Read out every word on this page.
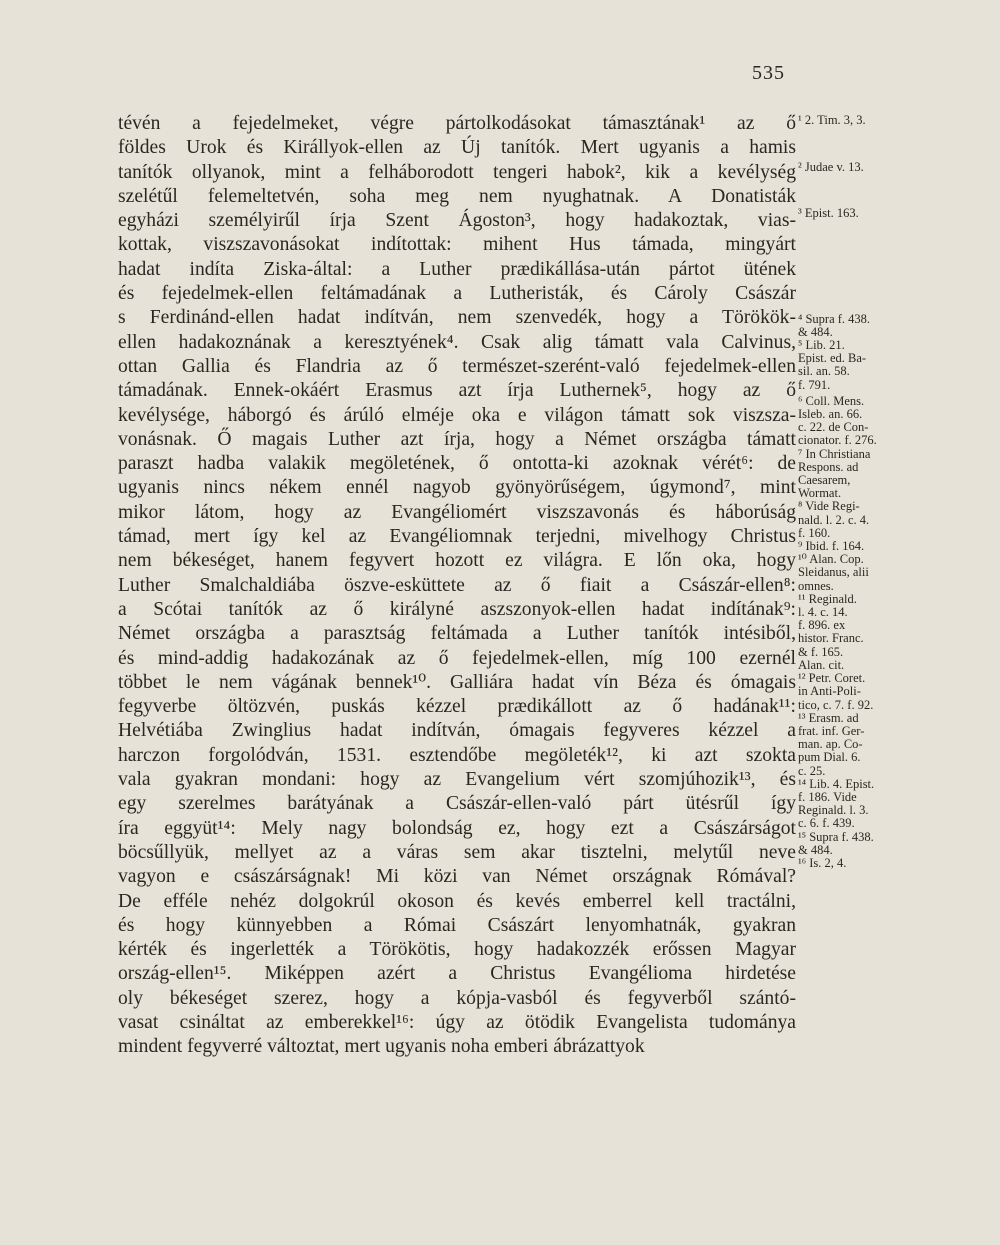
535
tévén a fejedelmeket, végre pártolkodásokat támasztának¹ az ő
földes Urok és Királlyok-ellen az Új tanítók. Mert ugyanis a hamis
tanítók ollyanok, mint a felháborodott tengeri habok², kik a kevélység
szelétűl felemeltetvén, soha meg nem nyughatnak. A Donatisták
egyházi személyirűl írja Szent Ágoston³, hogy hadakoztak, vias-
kottak, viszszavonásokat indítottak: mihent Hus támada, mingyárt
hadat indíta Ziska-által: a Luther prædikállása-után pártot ütének
és fejedelmek-ellen feltámadának a Lutheristák, és Cároly Császár
s Ferdinánd-ellen hadat indítván, nem szenvedék, hogy a Törökök-
ellen hadakoznának a keresztyének⁴. Csak alig támatt vala Calvinus,
ottan Gallia és Flandria az ő természet-szerént-való fejedelmek-ellen
támadának. Ennek-okáért Erasmus azt írja Luthernek⁵, hogy az ő
kevélysége, háborgó és árúló elméje oka e világon támatt sok viszsza-
vonásnak. Ő magais Luther azt írja, hogy a Német országba támatt
paraszt hadba valakik megöletének, ő ontotta-ki azoknak vérét⁶: de
ugyanis nincs nékem ennél nagyob gyönyörűségem, úgymond⁷, mint
mikor látom, hogy az Evangéliomért viszszavonás és háborúság
támad, mert így kel az Evangéliomnak terjedni, mivelhogy Christus
nem békeséget, hanem fegyvert hozott ez világra. E lőn oka, hogy
Luther Smalchaldiába öszve-esküttete az ő fiait a Császár-ellen⁸:
a Scótai tanítók az ő királyné aszszonyok-ellen hadat indítának⁹:
Német országba a parasztság feltámada a Luther tanítók intésiből,
és mind-addig hadakozának az ő fejedelmek-ellen, míg 100 ezernél
többet le nem vágának bennek¹⁰. Galliára hadat vín Béza és ómagais
fegyverbe öltözvén, puskás kézzel prædikállott az ő hadának¹¹:
Helvétiába Zwinglius hadat indítván, ómagais fegyveres kézzel a
harczon forgolódván, 1531. esztendőbe megöleték¹², ki azt szokta
vala gyakran mondani: hogy az Evangelium vért szomjúhozik¹³, és
egy szerelmes barátyának a Császár-ellen-való párt ütésrűl így
íra eggyüt¹⁴: Mely nagy bolondság ez, hogy ezt a Császárságot
böcsűllyük, mellyet az a váras sem akar tisztelni, melytűl neve
vagyon e császárságnak! Mi közi van Német országnak Rómával?
De efféle nehéz dolgokrúl okoson és kevés emberrel kell tractálni,
és hogy künnyebben a Római Császárt lenyomhatnák, gyakran
kérték és ingerlették a Törökötis, hogy hadakozzék erőssen Magyar
ország-ellen¹⁵. Miképpen azért a Christus Evangélioma hirdetése
oly békeséget szerez, hogy a kópja-vasból és fegyverből szántó-
vasat csináltat az emberekkel¹⁶: úgy az ötödik Evangelista tudománya
mindent fegyverré változtat, mert ugyanis noha emberi ábrázattyok
¹ 2. Tim. 3, 3.
² Judae v. 13.
³ Epist. 163.
⁴ Supra f. 438.
& 484.
⁵ Lib. 21.
Epist. ed. Ba-
sil. an. 58.
f. 791.
⁶ Coll. Mens.
Isleb. an. 66.
c. 22. de Con-
cionator. f. 276.
⁷ In Christiana
Respons. ad
Caesarem,
Wormat.
⁸ Vide Regi-
nald. l. 2. c. 4.
f. 160.
⁹ Ibid. f. 164.
¹⁰ Alan. Cop.
Sleidanus, alii
omnes.
¹¹ Reginald.
l. 4. c. 14.
f. 896. ex
histor. Franc.
& f. 165.
Alan. cit.
¹² Petr. Coret.
in Anti-Poli-
tico, c. 7. f. 92.
¹³ Erasm. ad
frat. inf. Ger-
man. ap. Co-
pum Dial. 6.
c. 25.
¹⁴ Lib. 4. Epist.
f. 186. Vide
Reginald. l. 3.
c. 6. f. 439.
¹⁵ Supra f. 438.
& 484.
¹⁶ Is. 2, 4.
